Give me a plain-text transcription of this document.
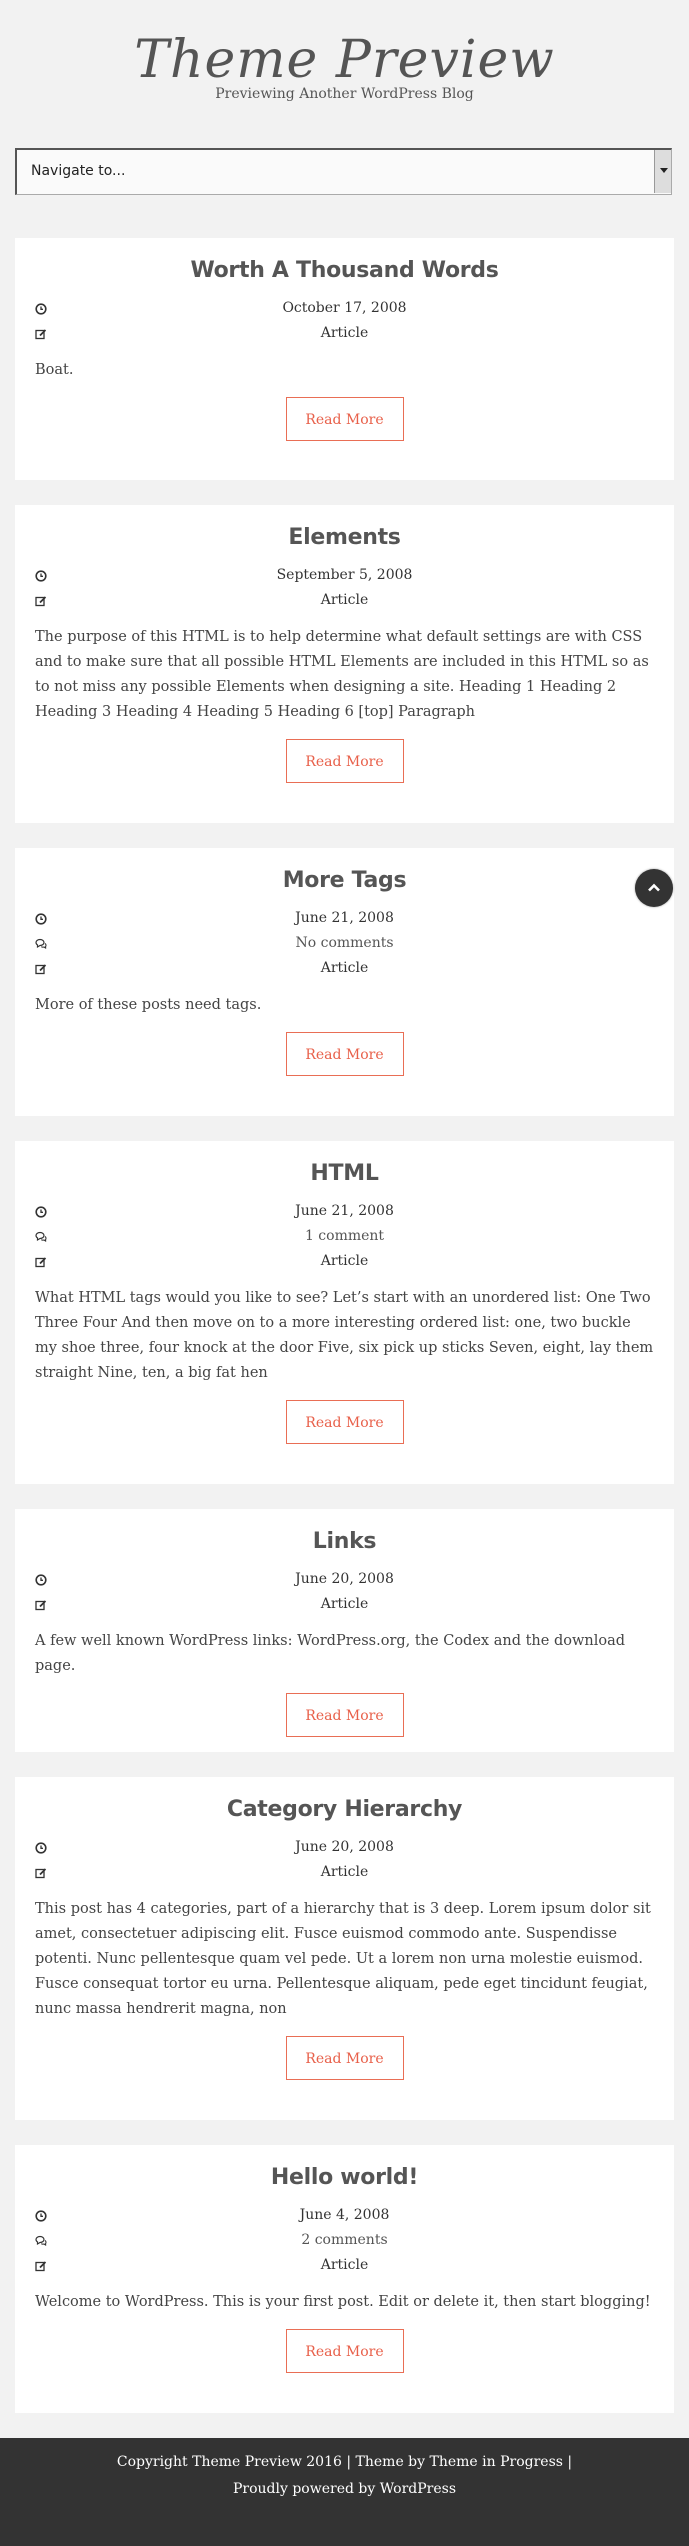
Theme Preview
Previewing Another WordPress Blog
Navigate to...
Worth A Thousand Words
October 17, 2008
Article

Boat.

Read More
Elements
September 5, 2008
Article

The purpose of this HTML is to help determine what default settings are with CSS and to make sure that all possible HTML Elements are included in this HTML so as to not miss any possible Elements when designing a site. Heading 1 Heading 2 Heading 3 Heading 4 Heading 5 Heading 6 [top] Paragraph

Read More
More Tags
June 21, 2008
No comments
Article

More of these posts need tags.

Read More
HTML
June 21, 2008
1 comment
Article

What HTML tags would you like to see? Let’s start with an unordered list: One Two Three Four And then move on to a more interesting ordered list: one, two buckle my shoe three, four knock at the door Five, six pick up sticks Seven, eight, lay them straight Nine, ten, a big fat hen

Read More
Links
June 20, 2008
Article

A few well known WordPress links: WordPress.org, the Codex and the download page.

Read More
Category Hierarchy
June 20, 2008
Article

This post has 4 categories, part of a hierarchy that is 3 deep. Lorem ipsum dolor sit amet, consectetuer adipiscing elit. Fusce euismod commodo ante. Suspendisse potenti. Nunc pellentesque quam vel pede. Ut a lorem non urna molestie euismod. Fusce consequat tortor eu urna. Pellentesque aliquam, pede eget tincidunt feugiat, nunc massa hendrerit magna, non

Read More
Hello world!
June 4, 2008
2 comments
Article

Welcome to WordPress. This is your first post. Edit or delete it, then start blogging!

Read More
Copyright Theme Preview 2016 | Theme by Theme in Progress |
Proudly powered by WordPress
